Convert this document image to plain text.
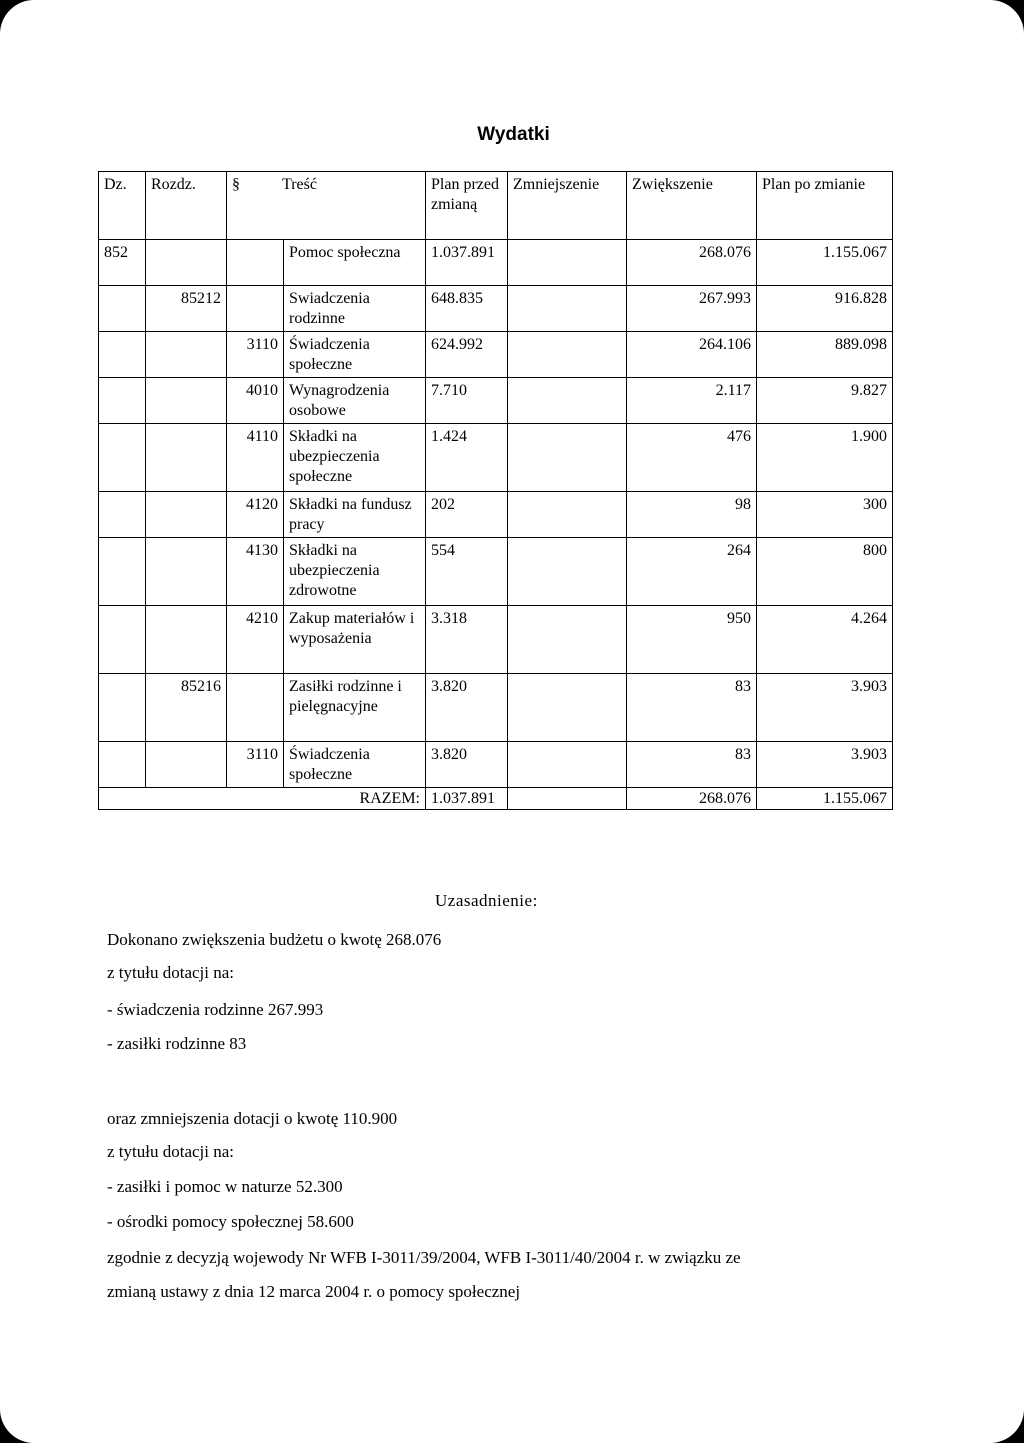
Wydatki
Dz.	Rozdz.	§ Treść		Plan przed zmianą	Zmniejszenie	Zwiększenie	Plan po zmianie
852			Pomoc społeczna	1.037.891		268.076	1.155.067
	85212		Swiadczenia rodzinne	648.835		267.993	916.828
		3110	Świadczenia społeczne	624.992		264.106	889.098
		4010	Wynagrodzenia osobowe	7.710		2.117	9.827
		4110	Składki na ubezpieczenia społeczne	1.424		476	1.900
		4120	Składki na fundusz pracy	202		98	300
		4130	Składki na ubezpieczenia zdrowotne	554		264	800
		4210	Zakup materiałów i wyposażenia	3.318		950	4.264
	85216		Zasiłki rodzinne i pielęgnacyjne	3.820		83	3.903
		3110	Świadczenia społeczne	3.820		83	3.903
RAZEM:				1.037.891		268.076	1.155.067
Uzasadnienie:
Dokonano zwiększenia budżetu o kwotę 268.076
z tytułu dotacji na:
- świadczenia rodzinne 267.993
- zasiłki rodzinne 83
oraz zmniejszenia dotacji o kwotę 110.900
z tytułu dotacji na:
- zasiłki i pomoc w naturze 52.300
- ośrodki pomocy społecznej 58.600
zgodnie z decyzją wojewody Nr WFB I-3011/39/2004, WFB I-3011/40/2004 r. w związku ze
zmianą ustawy z dnia 12 marca 2004 r. o pomocy społecznej
